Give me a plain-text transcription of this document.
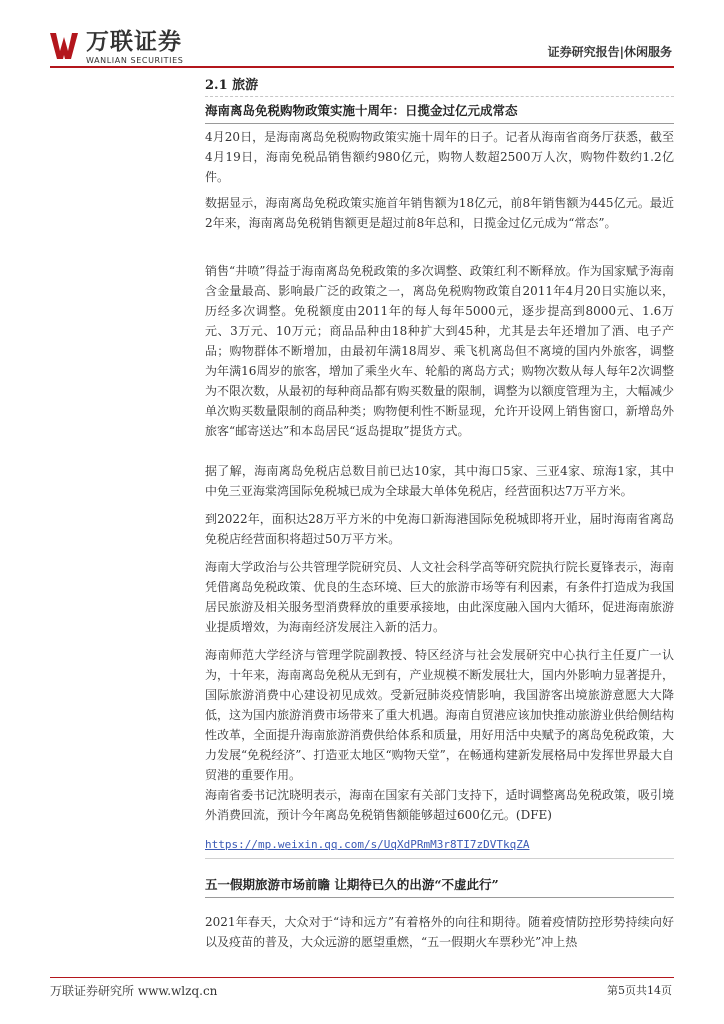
万联证券
WANLIAN SECURITIES
证券研究报告|休闲服务
2.1 旅游
海南离岛免税购物政策实施十周年：日揽金过亿元成常态

4月20日，是海南离岛免税购物政策实施十周年的日子。记者从海南省商务厅获悉，截至4月19日，海南免税品销售额约980亿元，购物人数超2500万人次，购物件数约1.2亿件。

数据显示，海南离岛免税政策实施首年销售额为18亿元，前8年销售额为445亿元。最近2年来，海南离岛免税销售额更是超过前8年总和，日揽金过亿元成为“常态”。

销售“井喷”得益于海南离岛免税政策的多次调整、政策红利不断释放。作为国家赋予海南含金量最高、影响最广泛的政策之一，离岛免税购物政策自2011年4月20日实施以来，历经多次调整。免税额度由2011年的每人每年5000元，逐步提高到8000元、1.6万元、3万元、10万元；商品品种由18种扩大到45种，尤其是去年还增加了酒、电子产品；购物群体不断增加，由最初年满18周岁、乘飞机离岛但不离境的国内外旅客，调整为年满16周岁的旅客，增加了乘坐火车、轮船的离岛方式；购物次数从每人每年2次调整为不限次数，从最初的每种商品都有购买数量的限制，调整为以额度管理为主，大幅减少单次购买数量限制的商品种类；购物便利性不断显现，允许开设网上销售窗口，新增岛外旅客“邮寄送达”和本岛居民“返岛提取”提货方式。

据了解，海南离岛免税店总数目前已达10家，其中海口5家、三亚4家、琼海1家，其中中免三亚海棠湾国际免税城已成为全球最大单体免税店，经营面积达7万平方米。

到2022年，面积达28万平方米的中免海口新海港国际免税城即将开业，届时海南省离岛免税店经营面积将超过50万平方米。

海南大学政治与公共管理学院研究员、人文社会科学高等研究院执行院长夏锋表示，海南凭借离岛免税政策、优良的生态环境、巨大的旅游市场等有利因素，有条件打造成为我国居民旅游及相关服务型消费释放的重要承接地，由此深度融入国内大循环，促进海南旅游业提质增效，为海南经济发展注入新的活力。

海南师范大学经济与管理学院副教授、特区经济与社会发展研究中心执行主任夏广一认为，十年来，海南离岛免税从无到有，产业规模不断发展壮大，国内外影响力显著提升，国际旅游消费中心建设初见成效。受新冠肺炎疫情影响，我国游客出境旅游意愿大大降低，这为国内旅游消费市场带来了重大机遇。海南自贸港应该加快推动旅游业供给侧结构性改革，全面提升海南旅游消费供给体系和质量，用好用活中央赋予的离岛免税政策，大力发展“免税经济”、打造亚太地区“购物天堂”，在畅通构建新发展格局中发挥世界最大自贸港的重要作用。

海南省委书记沈晓明表示，海南在国家有关部门支持下，适时调整离岛免税政策，吸引境外消费回流，预计今年离岛免税销售额能够超过600亿元。(DFE)

https://mp.weixin.qq.com/s/UqXdPRmM3r8TI7zDVTkqZA
五一假期旅游市场前瞻 让期待已久的出游“不虚此行”

2021年春天，大众对于“诗和远方”有着格外的向往和期待。随着疫情防控形势持续向好以及疫苗的普及，大众远游的愿望重燃，“五一假期火车票秒光”冲上热

万联证券研究所 www.wlzq.cn	第5页共14页
